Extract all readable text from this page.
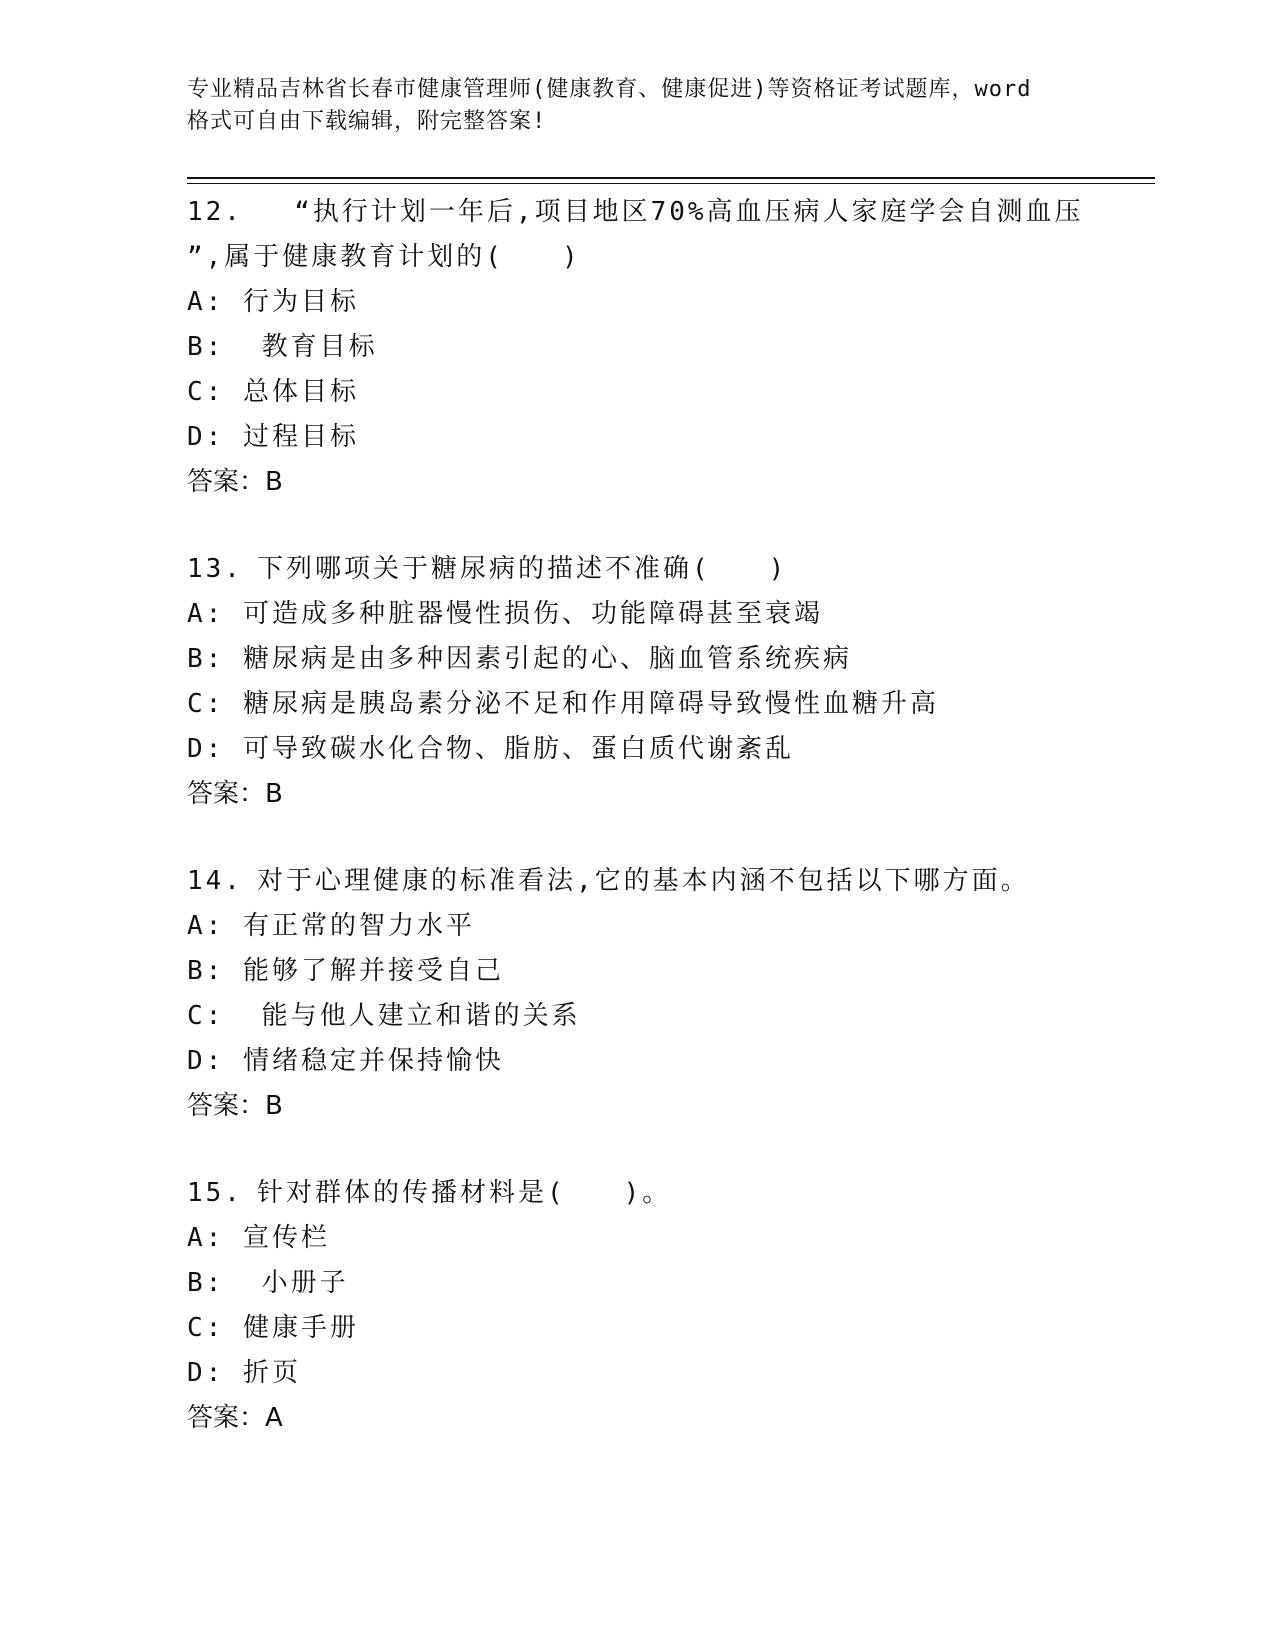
专业精品吉林省长春市健康管理师(健康教育、健康促进)等资格证考试题库，word
格式可自由下载编辑，附完整答案!

12.  “执行计划一年后,项目地区70%高血压病人家庭学会自测血压

”,属于健康教育计划的(　　)

A: 行为目标

B:  教育目标

C: 总体目标

D: 过程目标

答案：B

13. 下列哪项关于糖尿病的描述不准确(　　)

A: 可造成多种脏器慢性损伤、功能障碍甚至衰竭

B: 糖尿病是由多种因素引起的心、脑血管系统疾病

C: 糖尿病是胰岛素分泌不足和作用障碍导致慢性血糖升高

D: 可导致碳水化合物、脂肪、蛋白质代谢紊乱

答案：B

14. 对于心理健康的标准看法,它的基本内涵不包括以下哪方面。

A: 有正常的智力水平

B: 能够了解并接受自己

C:  能与他人建立和谐的关系

D: 情绪稳定并保持愉快

答案：B

15. 针对群体的传播材料是(　　)。

A: 宣传栏

B:  小册子

C: 健康手册

D: 折页

答案：A
